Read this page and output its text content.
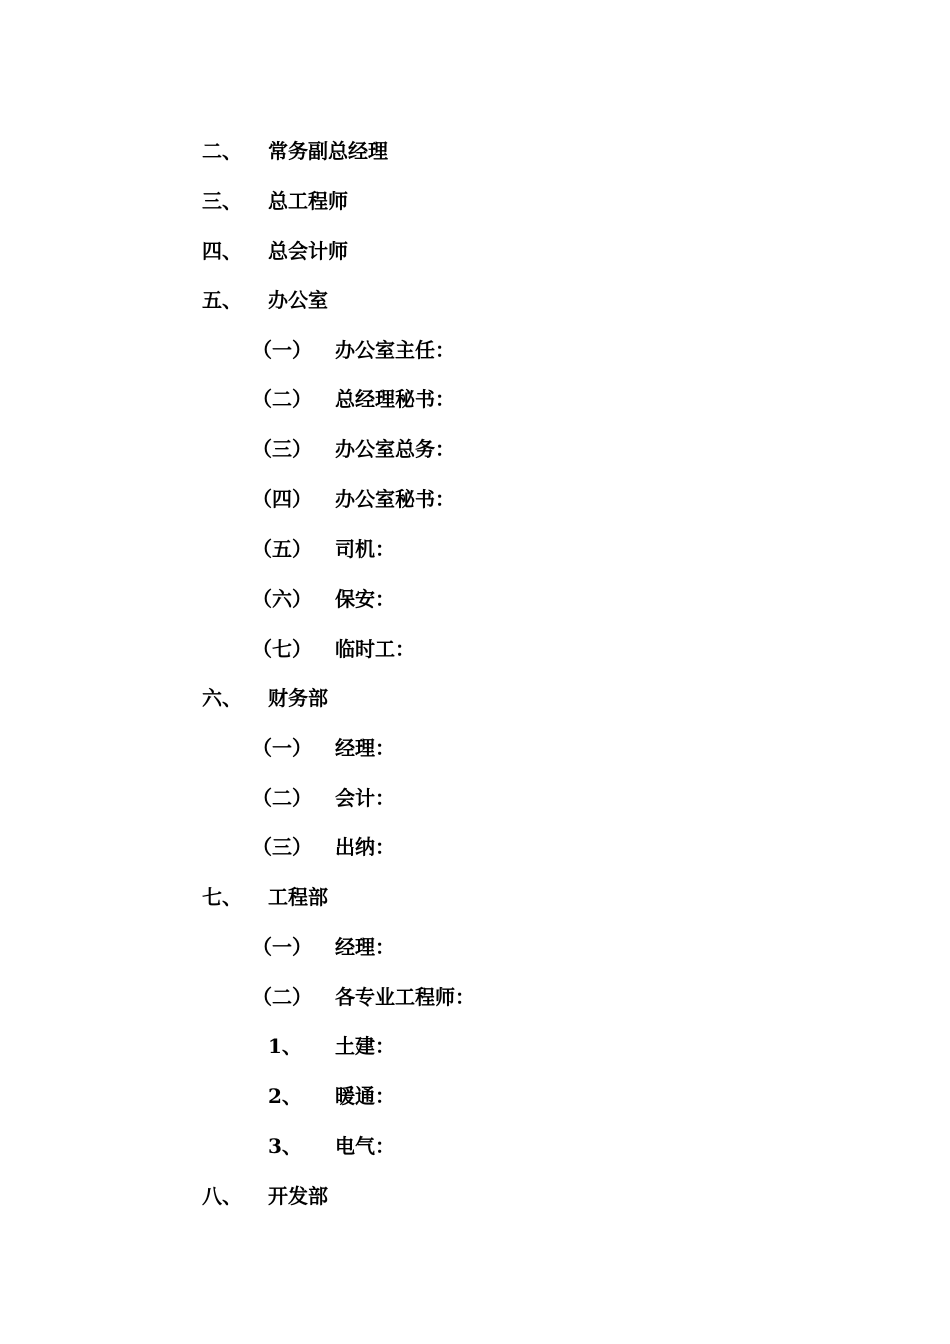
二、 常务副总经理
三、 总工程师
四、 总会计师
五、 办公室
（一） 办公室主任：
（二） 总经理秘书：
（三） 办公室总务：
（四） 办公室秘书：
（五） 司机：
（六） 保安：
（七） 临时工：
六、 财务部
（一） 经理：
（二） 会计：
（三） 出纳：
七、 工程部
（一） 经理：
（二） 各专业工程师：
1、 土建：
2、 暖通：
3、 电气：
八、 开发部
